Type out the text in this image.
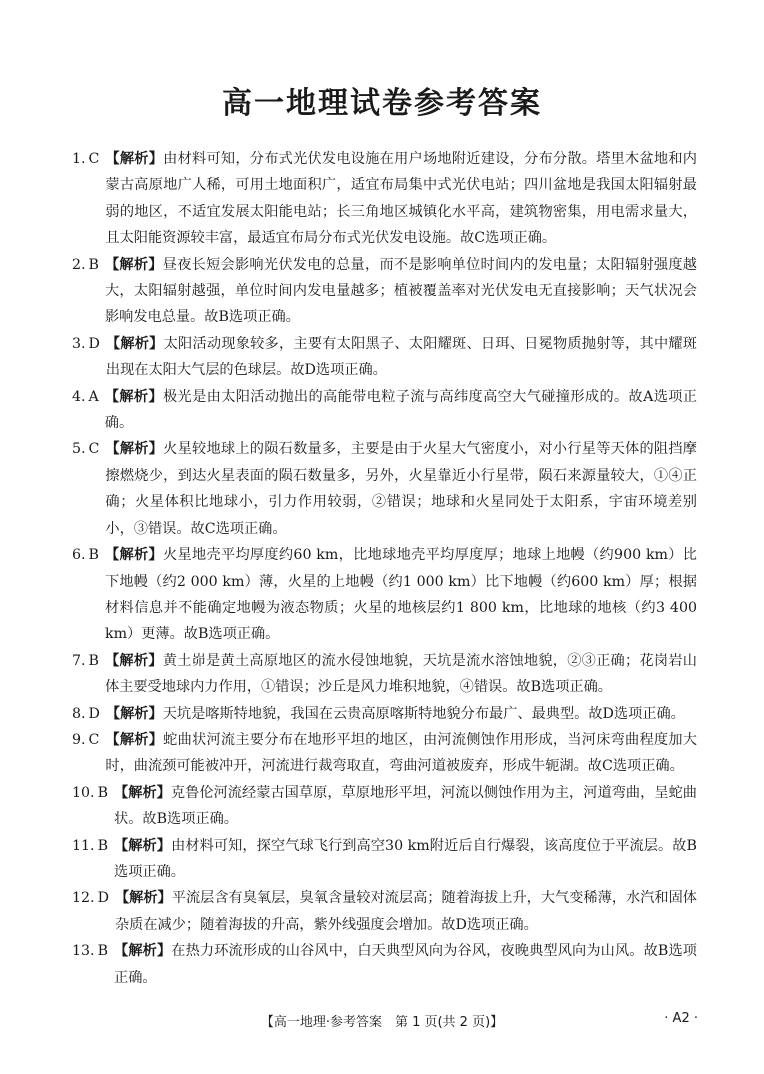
高一地理试卷参考答案
1. C 【解析】由材料可知，分布式光伏发电设施在用户场地附近建设，分布分散。塔里木盆地和内蒙古高原地广人稀，可用土地面积广，适宜布局集中式光伏电站；四川盆地是我国太阳辐射最弱的地区，不适宜发展太阳能电站；长三角地区城镇化水平高，建筑物密集，用电需求量大，且太阳能资源较丰富，最适宜布局分布式光伏发电设施。故C选项正确。
2. B 【解析】昼夜长短会影响光伏发电的总量，而不是影响单位时间内的发电量；太阳辐射强度越大，太阳辐射越强，单位时间内发电量越多；植被覆盖率对光伏发电无直接影响；天气状况会影响发电总量。故B选项正确。
3. D 【解析】太阳活动现象较多，主要有太阳黑子、太阳耀斑、日珥、日冕物质抛射等，其中耀斑出现在太阳大气层的色球层。故D选项正确。
4. A 【解析】极光是由太阳活动抛出的高能带电粒子流与高纬度高空大气碰撞形成的。故A选项正确。
5. C 【解析】火星较地球上的陨石数量多，主要是由于火星大气密度小，对小行星等天体的阻挡摩擦燃烧少，到达火星表面的陨石数量多，另外，火星靠近小行星带，陨石来源量较大，①④正确；火星体积比地球小，引力作用较弱，②错误；地球和火星同处于太阳系，宇宙环境差别小，③错误。故C选项正确。
6. B 【解析】火星地壳平均厚度约60 km，比地球地壳平均厚度厚；地球上地幔（约900 km）比下地幔（约2 000 km）薄，火星的上地幔（约1 000 km）比下地幔（约600 km）厚；根据材料信息并不能确定地幔为液态物质；火星的地核层约1 800 km，比地球的地核（约3 400 km）更薄。故B选项正确。
7. B 【解析】黄土峁是黄土高原地区的流水侵蚀地貌，天坑是流水溶蚀地貌，②③正确；花岗岩山体主要受地球内力作用，①错误；沙丘是风力堆积地貌，④错误。故B选项正确。
8. D 【解析】天坑是喀斯特地貌，我国在云贵高原喀斯特地貌分布最广、最典型。故D选项正确。
9. C 【解析】蛇曲状河流主要分布在地形平坦的地区，由河流侧蚀作用形成，当河床弯曲程度加大时，曲流颈可能被冲开，河流进行裁弯取直，弯曲河道被废弃，形成牛轭湖。故C选项正确。
10. B 【解析】克鲁伦河流经蒙古国草原，草原地形平坦，河流以侧蚀作用为主，河道弯曲，呈蛇曲状。故B选项正确。
11. B 【解析】由材料可知，探空气球飞行到高空30 km附近后自行爆裂，该高度位于平流层。故B选项正确。
12. D 【解析】平流层含有臭氧层，臭氧含量较对流层高；随着海拔上升，大气变稀薄，水汽和固体杂质在减少；随着海拔的升高，紫外线强度会增加。故D选项正确。
13. B 【解析】在热力环流形成的山谷风中，白天典型风向为谷风，夜晚典型风向为山风。故B选项正确。
【高一地理·参考答案　第 1 页(共 2 页)】	· A2 ·
